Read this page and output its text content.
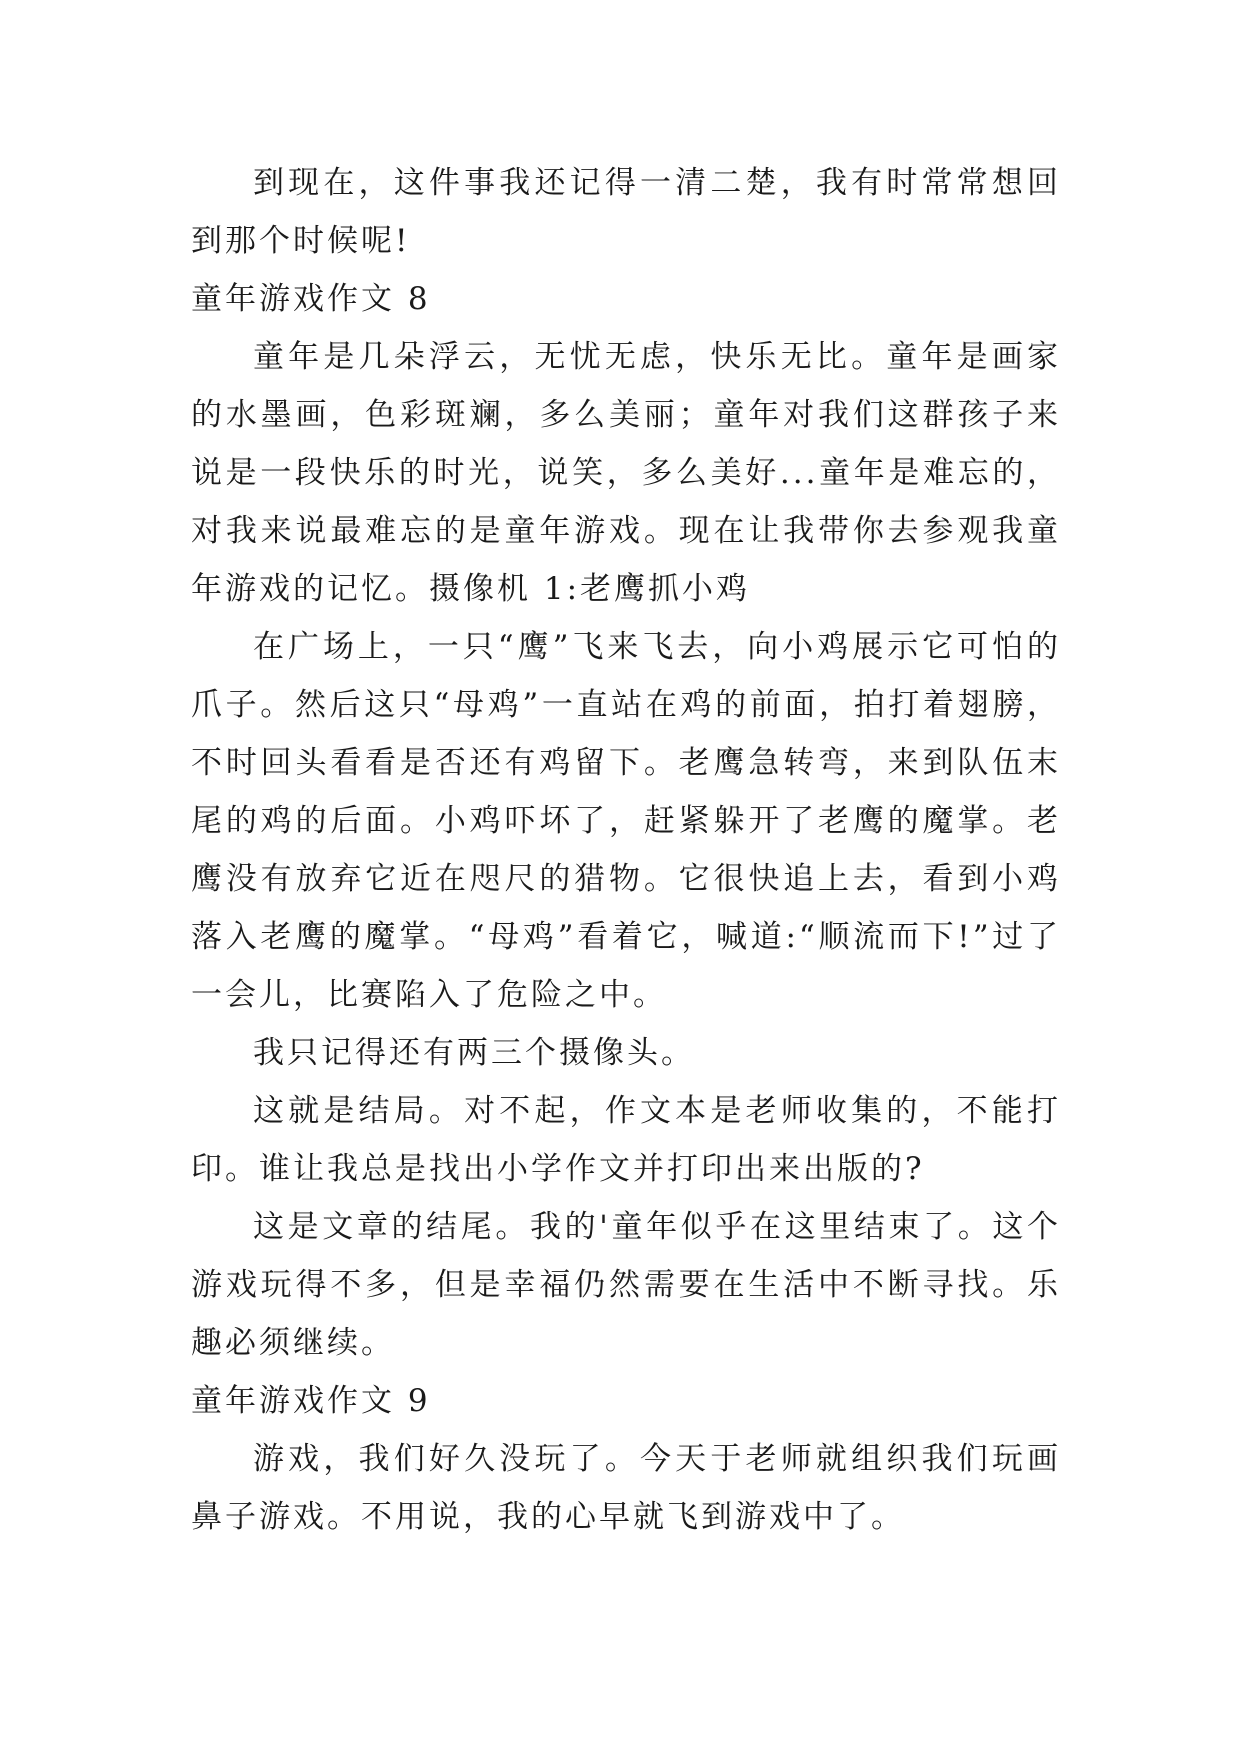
到现在，这件事我还记得一清二楚，我有时常常想回到那个时候呢!

童年游戏作文 8

童年是几朵浮云，无忧无虑，快乐无比。童年是画家的水墨画，色彩斑斓，多么美丽；童年对我们这群孩子来说是一段快乐的时光，说笑，多么美好...童年是难忘的，对我来说最难忘的是童年游戏。现在让我带你去参观我童年游戏的记忆。摄像机 1:老鹰抓小鸡

在广场上，一只“鹰”飞来飞去，向小鸡展示它可怕的爪子。然后这只“母鸡”一直站在鸡的前面，拍打着翅膀，不时回头看看是否还有鸡留下。老鹰急转弯，来到队伍末尾的鸡的后面。小鸡吓坏了，赶紧躲开了老鹰的魔掌。老鹰没有放弃它近在咫尺的猎物。它很快追上去，看到小鸡落入老鹰的魔掌。“母鸡”看着它，喊道:“顺流而下!”过了一会儿，比赛陷入了危险之中。

我只记得还有两三个摄像头。

这就是结局。对不起，作文本是老师收集的，不能打印。谁让我总是找出小学作文并打印出来出版的?

这是文章的结尾。我的'童年似乎在这里结束了。这个游戏玩得不多，但是幸福仍然需要在生活中不断寻找。乐趣必须继续。

童年游戏作文 9

游戏，我们好久没玩了。今天于老师就组织我们玩画鼻子游戏。不用说，我的心早就飞到游戏中了。
